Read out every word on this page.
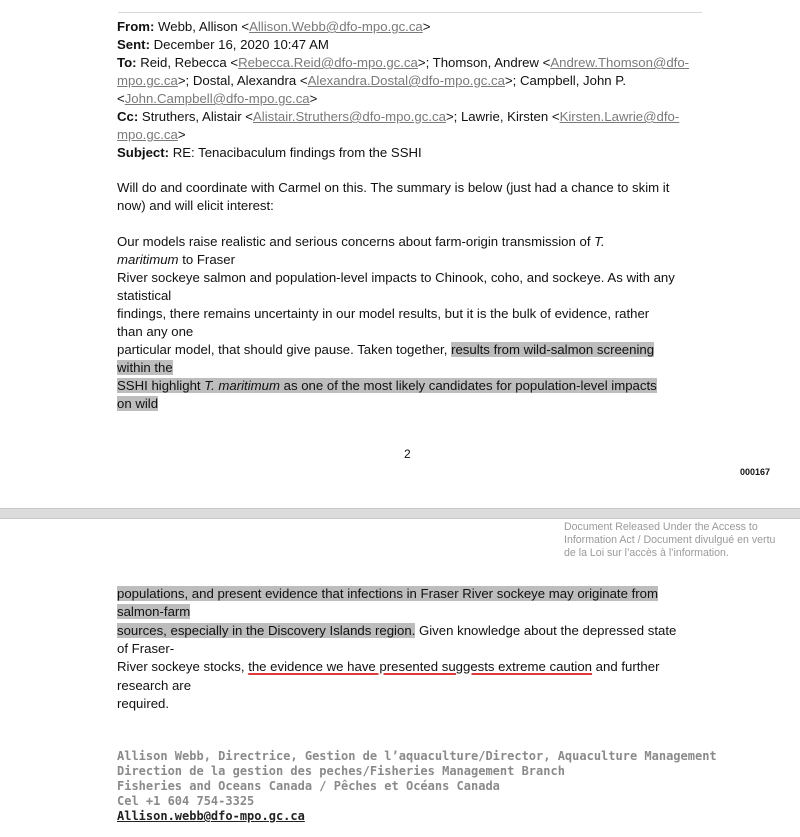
From: Webb, Allison <Allison.Webb@dfo-mpo.gc.ca>
Sent: December 16, 2020 10:47 AM
To: Reid, Rebecca <Rebecca.Reid@dfo-mpo.gc.ca>; Thomson, Andrew <Andrew.Thomson@dfo-
mpo.gc.ca>; Dostal, Alexandra <Alexandra.Dostal@dfo-mpo.gc.ca>; Campbell, John P.
<John.Campbell@dfo-mpo.gc.ca>
Cc: Struthers, Alistair <Alistair.Struthers@dfo-mpo.gc.ca>; Lawrie, Kirsten <Kirsten.Lawrie@dfo-
mpo.gc.ca>
Subject: RE: Tenacibaculum findings from the SSHI
Will do and coordinate with Carmel on this. The summary is below (just had a chance to skim it
now) and will elicit interest:
Our models raise realistic and serious concerns about farm-origin transmission of T.
maritimum to Fraser
River sockeye salmon and population-level impacts to Chinook, coho, and sockeye. As with any
statistical
findings, there remains uncertainty in our model results, but it is the bulk of evidence, rather
than any one
particular model, that should give pause. Taken together, results from wild-salmon screening
within the
SSHI highlight T. maritimum as one of the most likely candidates for population-level impacts
on wild
2
000167
Document Released Under the Access to
Information Act / Document divulgué en vertu
de la Loi sur l’accès à l’information.
populations, and present evidence that infections in Fraser River sockeye may originate from
salmon-farm
sources, especially in the Discovery Islands region. Given knowledge about the depressed state
of Fraser-
River sockeye stocks, the evidence we have presented suggests extreme caution and further
research are
required.
Allison Webb, Directrice, Gestion de l’aquaculture/Director, Aquaculture Management
Direction de la gestion des peches/Fisheries Management Branch
Fisheries and Oceans Canada / Pêches et Océans Canada
Cel +1 604 754-3325
Allison.webb@dfo-mpo.gc.ca
